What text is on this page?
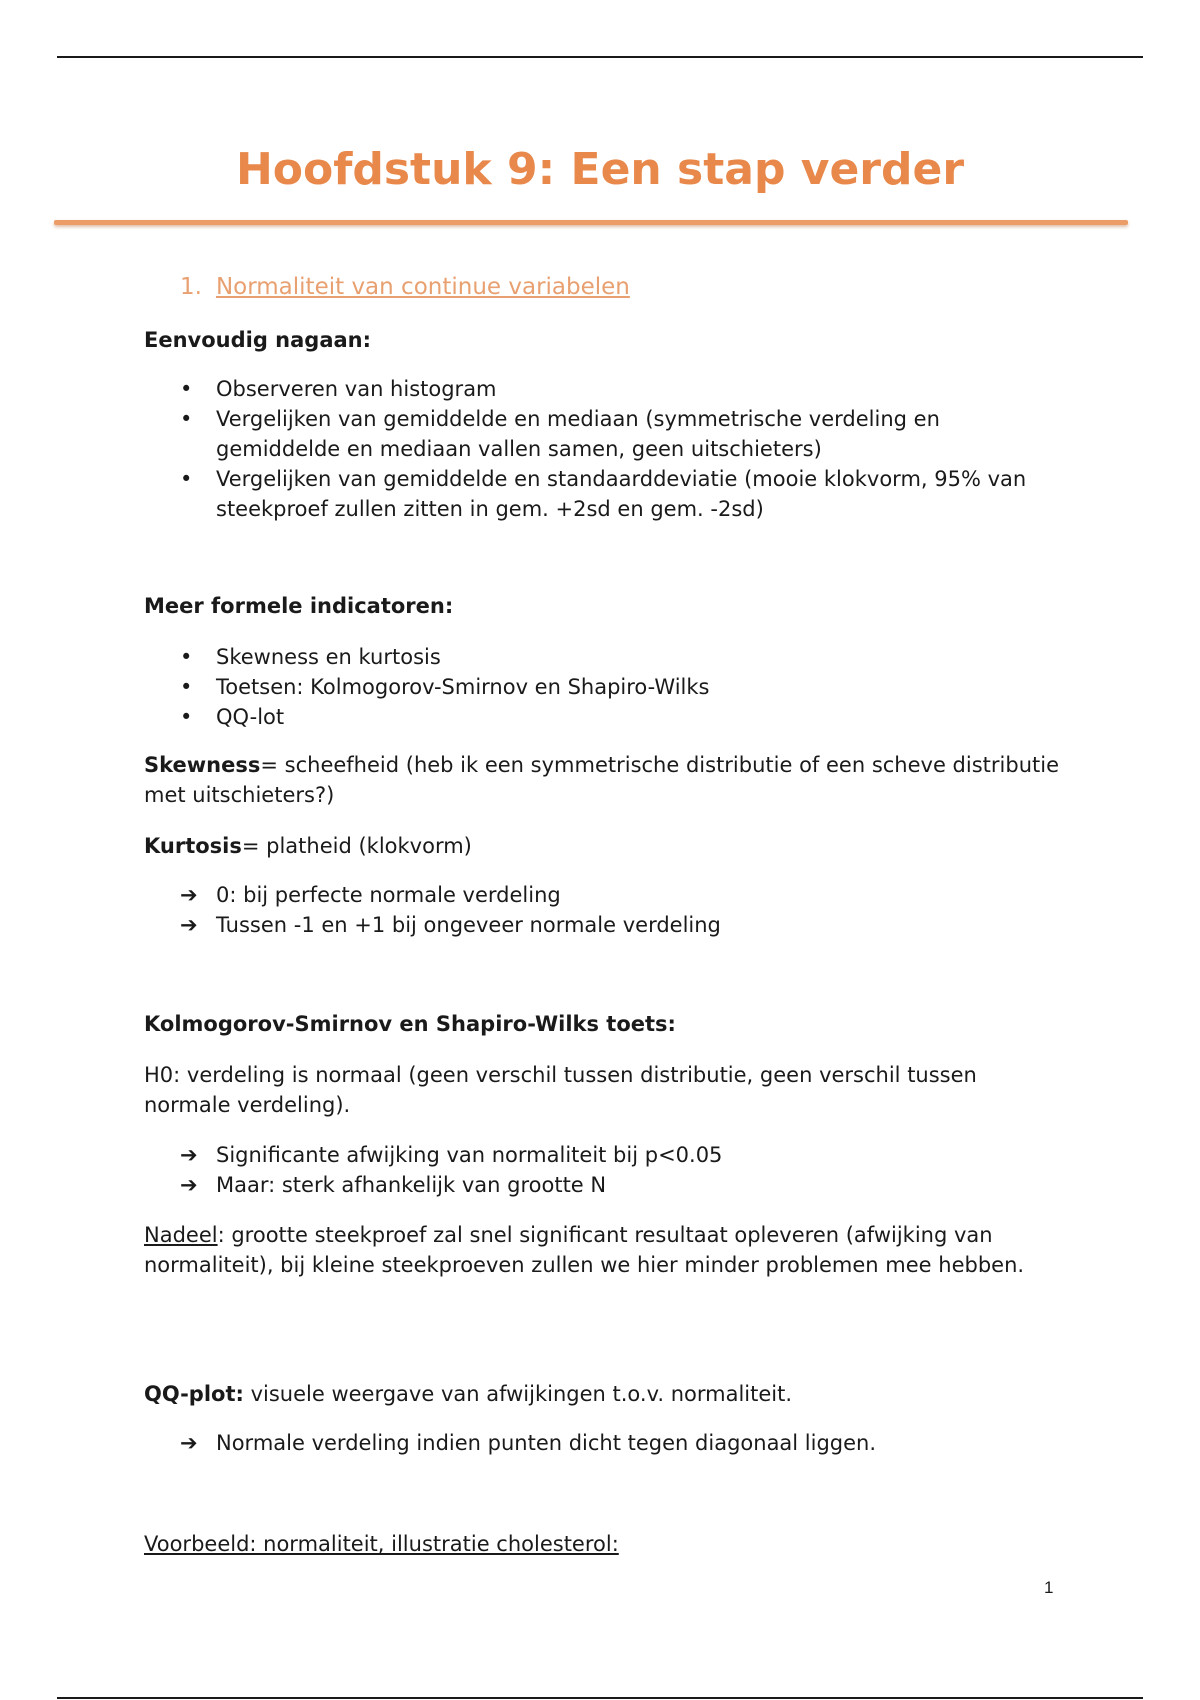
Hoofdstuk 9: Een stap verder
1. Normaliteit van continue variabelen
Eenvoudig nagaan:
•	Observeren van histogram
•	Vergelijken van gemiddelde en mediaan (symmetrische verdeling en gemiddelde en mediaan vallen samen, geen uitschieters)
•	Vergelijken van gemiddelde en standaarddeviatie (mooie klokvorm, 95% van steekproef zullen zitten in gem. +2sd en gem. -2sd)
Meer formele indicatoren:
•	Skewness en kurtosis
•	Toetsen: Kolmogorov-Smirnov en Shapiro-Wilks
•	QQ-lot
Skewness= scheefheid (heb ik een symmetrische distributie of een scheve distributie met uitschieters?)
Kurtosis= platheid (klokvorm)
➔ 0: bij perfecte normale verdeling
➔ Tussen -1 en +1 bij ongeveer normale verdeling
Kolmogorov-Smirnov en Shapiro-Wilks toets:
H0: verdeling is normaal (geen verschil tussen distributie, geen verschil tussen normale verdeling).
➔ Significante afwijking van normaliteit bij p<0.05
➔ Maar: sterk afhankelijk van grootte N
Nadeel: grootte steekproef zal snel significant resultaat opleveren (afwijking van normaliteit), bij kleine steekproeven zullen we hier minder problemen mee hebben.
QQ-plot: visuele weergave van afwijkingen t.o.v. normaliteit.
➔ Normale verdeling indien punten dicht tegen diagonaal liggen.
Voorbeeld: normaliteit, illustratie cholesterol:
1
